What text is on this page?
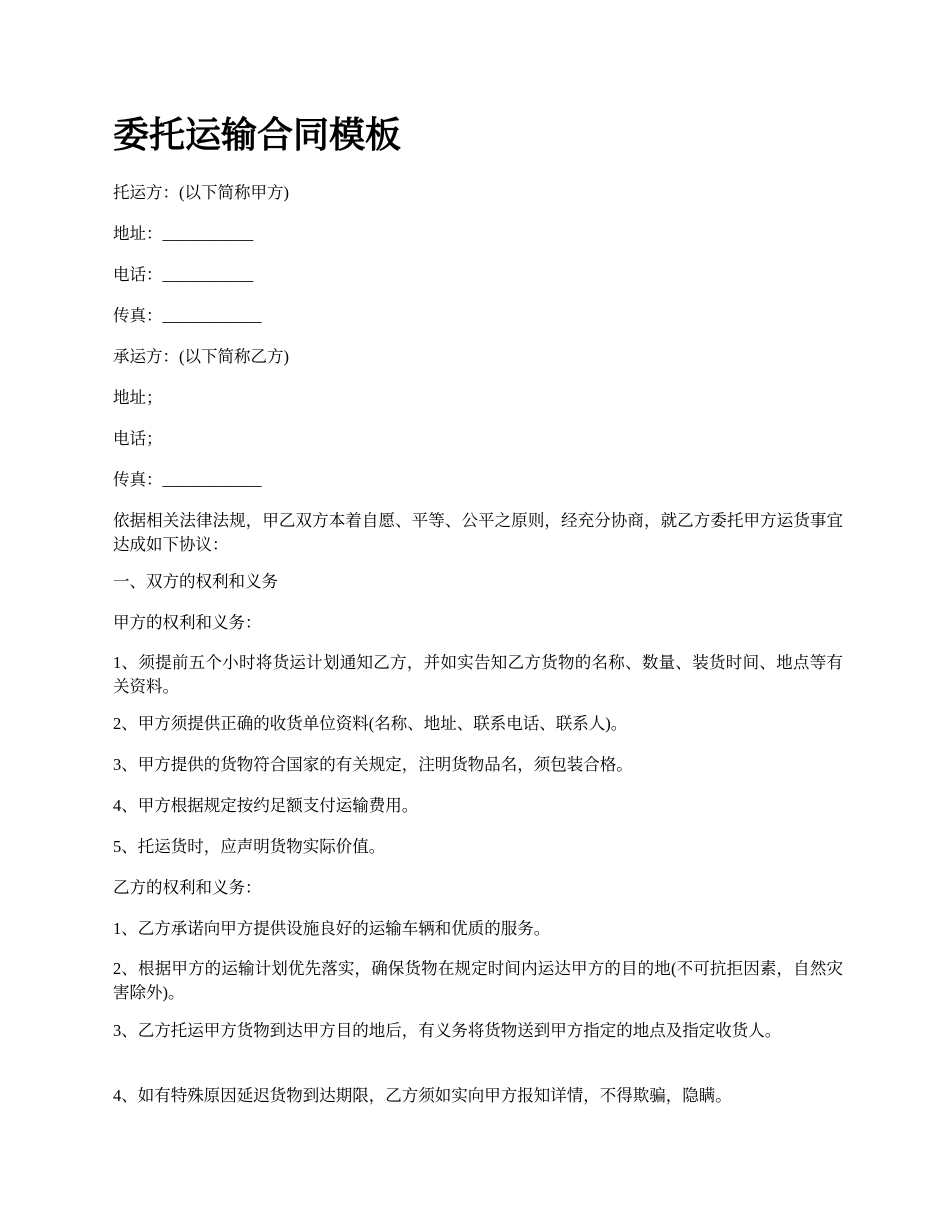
委托运输合同模板

托运方：(以下简称甲方)

地址：___________

电话：___________

传真：____________

承运方：(以下简称乙方)

地址；

电话；

传真：____________

依据相关法律法规，甲乙双方本着自愿、平等、公平之原则，经充分协商，就乙方委托甲方运货事宜达成如下协议：

一、双方的权利和义务

甲方的权利和义务：

1、须提前五个小时将货运计划通知乙方，并如实告知乙方货物的名称、数量、装货时间、地点等有关资料。

2、甲方须提供正确的收货单位资料(名称、地址、联系电话、联系人)。

3、甲方提供的货物符合国家的有关规定，注明货物品名，须包装合格。

4、甲方根据规定按约足额支付运输费用。

5、托运货时，应声明货物实际价值。

乙方的权利和义务：

1、乙方承诺向甲方提供设施良好的运输车辆和优质的服务。

2、根据甲方的运输计划优先落实，确保货物在规定时间内运达甲方的目的地(不可抗拒因素，自然灾害除外)。

3、乙方托运甲方货物到达甲方目的地后，有义务将货物送到甲方指定的地点及指定收货人。

4、如有特殊原因延迟货物到达期限，乙方须如实向甲方报知详情，不得欺骗，隐瞒。
